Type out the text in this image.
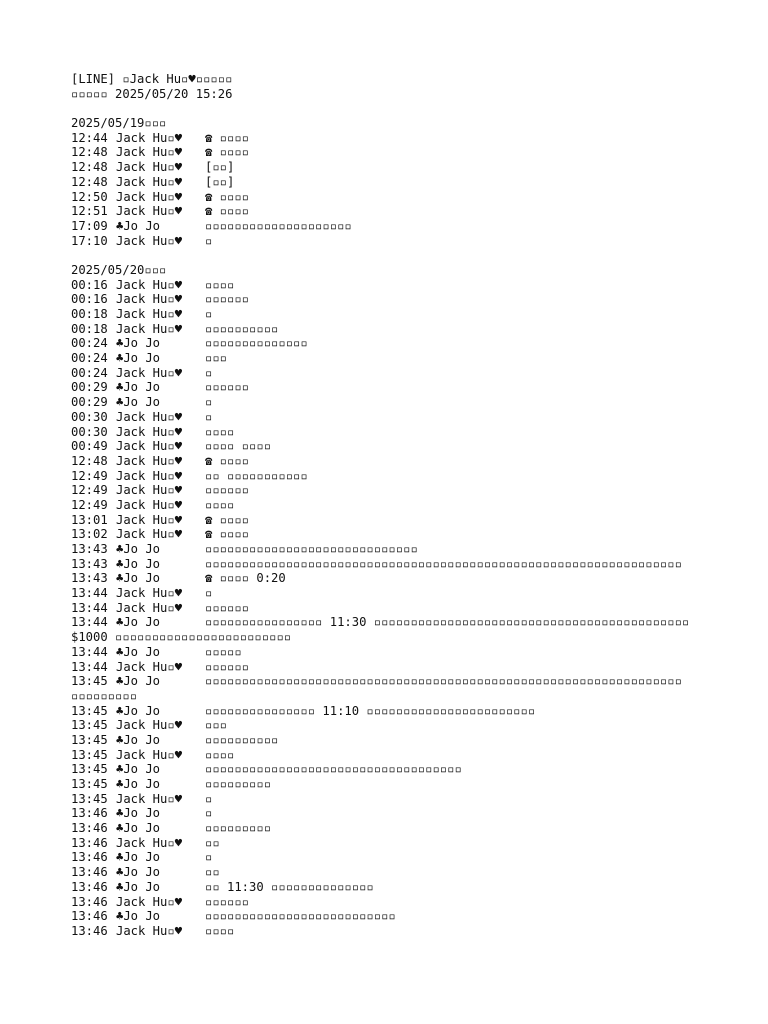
[LINE] ▫Jack Hu▫♥▫▫▫▫▫
▫▫▫▫▫ 2025/05/20 15:26
2025/05/19▫▫▫
12:44 Jack Hu▫♥	☎ ▫▫▫▫
12:48 Jack Hu▫♥	☎ ▫▫▫▫
12:48 Jack Hu▫♥	[▫▫]
12:48 Jack Hu▫♥	[▫▫]
12:50 Jack Hu▫♥	☎ ▫▫▫▫
12:51 Jack Hu▫♥	☎ ▫▫▫▫
17:09 ♣Jo Jo	▫▫▫▫▫▫▫▫▫▫▫▫▫▫▫▫▫▫▫▫
17:10 Jack Hu▫♥	▫
2025/05/20▫▫▫
00:16 Jack Hu▫♥	▫▫▫▫
00:16 Jack Hu▫♥	▫▫▫▫▫▫
00:18 Jack Hu▫♥	▫
00:18 Jack Hu▫♥	▫▫▫▫▫▫▫▫▫▫
00:24 ♣Jo Jo	▫▫▫▫▫▫▫▫▫▫▫▫▫▫
00:24 ♣Jo Jo	▫▫▫
00:24 Jack Hu▫♥	▫
00:29 ♣Jo Jo	▫▫▫▫▫▫
00:29 ♣Jo Jo	▫
00:30 Jack Hu▫♥	▫
00:30 Jack Hu▫♥	▫▫▫▫
00:49 Jack Hu▫♥	▫▫▫▫ ▫▫▫▫
12:48 Jack Hu▫♥	☎ ▫▫▫▫
12:49 Jack Hu▫♥	▫▫ ▫▫▫▫▫▫▫▫▫▫▫
12:49 Jack Hu▫♥	▫▫▫▫▫▫
12:49 Jack Hu▫♥	▫▫▫▫
13:01 Jack Hu▫♥	☎ ▫▫▫▫
13:02 Jack Hu▫♥	☎ ▫▫▫▫
13:43 ♣Jo Jo	▫▫▫▫▫▫▫▫▫▫▫▫▫▫▫▫▫▫▫▫▫▫▫▫▫▫▫▫▫
13:43 ♣Jo Jo	▫▫▫▫▫▫▫▫▫▫▫▫▫▫▫▫▫▫▫▫▫▫▫▫▫▫▫▫▫▫▫▫▫▫▫▫▫▫▫▫▫▫▫▫▫▫▫▫▫▫▫▫▫▫▫▫▫▫▫▫▫▫▫▫▫
13:43 ♣Jo Jo	☎ ▫▫▫▫ 0:20
13:44 Jack Hu▫♥	▫
13:44 Jack Hu▫♥	▫▫▫▫▫▫
13:44 ♣Jo Jo	▫▫▫▫▫▫▫▫▫▫▫▫▫▫▫▫ 11:30 ▫▫▫▫▫▫▫▫▫▫▫▫▫▫▫▫▫▫▫▫▫▫▫▫▫▫▫▫▫▫▫▫▫▫▫▫▫▫▫▫▫▫▫
$1000 ▫▫▫▫▫▫▫▫▫▫▫▫▫▫▫▫▫▫▫▫▫▫▫▫
13:44 ♣Jo Jo	▫▫▫▫▫
13:44 Jack Hu▫♥	▫▫▫▫▫▫
13:45 ♣Jo Jo	▫▫▫▫▫▫▫▫▫▫▫▫▫▫▫▫▫▫▫▫▫▫▫▫▫▫▫▫▫▫▫▫▫▫▫▫▫▫▫▫▫▫▫▫▫▫▫▫▫▫▫▫▫▫▫▫▫▫▫▫▫▫▫▫▫
▫▫▫▫▫▫▫▫▫
13:45 ♣Jo Jo	▫▫▫▫▫▫▫▫▫▫▫▫▫▫▫ 11:10 ▫▫▫▫▫▫▫▫▫▫▫▫▫▫▫▫▫▫▫▫▫▫▫
13:45 Jack Hu▫♥	▫▫▫
13:45 ♣Jo Jo	▫▫▫▫▫▫▫▫▫▫
13:45 Jack Hu▫♥	▫▫▫▫
13:45 ♣Jo Jo	▫▫▫▫▫▫▫▫▫▫▫▫▫▫▫▫▫▫▫▫▫▫▫▫▫▫▫▫▫▫▫▫▫▫▫
13:45 ♣Jo Jo	▫▫▫▫▫▫▫▫▫
13:45 Jack Hu▫♥	▫
13:46 ♣Jo Jo	▫
13:46 ♣Jo Jo	▫▫▫▫▫▫▫▫▫
13:46 Jack Hu▫♥	▫▫
13:46 ♣Jo Jo	▫
13:46 ♣Jo Jo	▫▫
13:46 ♣Jo Jo	▫▫ 11:30 ▫▫▫▫▫▫▫▫▫▫▫▫▫▫
13:46 Jack Hu▫♥	▫▫▫▫▫▫
13:46 ♣Jo Jo	▫▫▫▫▫▫▫▫▫▫▫▫▫▫▫▫▫▫▫▫▫▫▫▫▫▫
13:46 Jack Hu▫♥	▫▫▫▫
